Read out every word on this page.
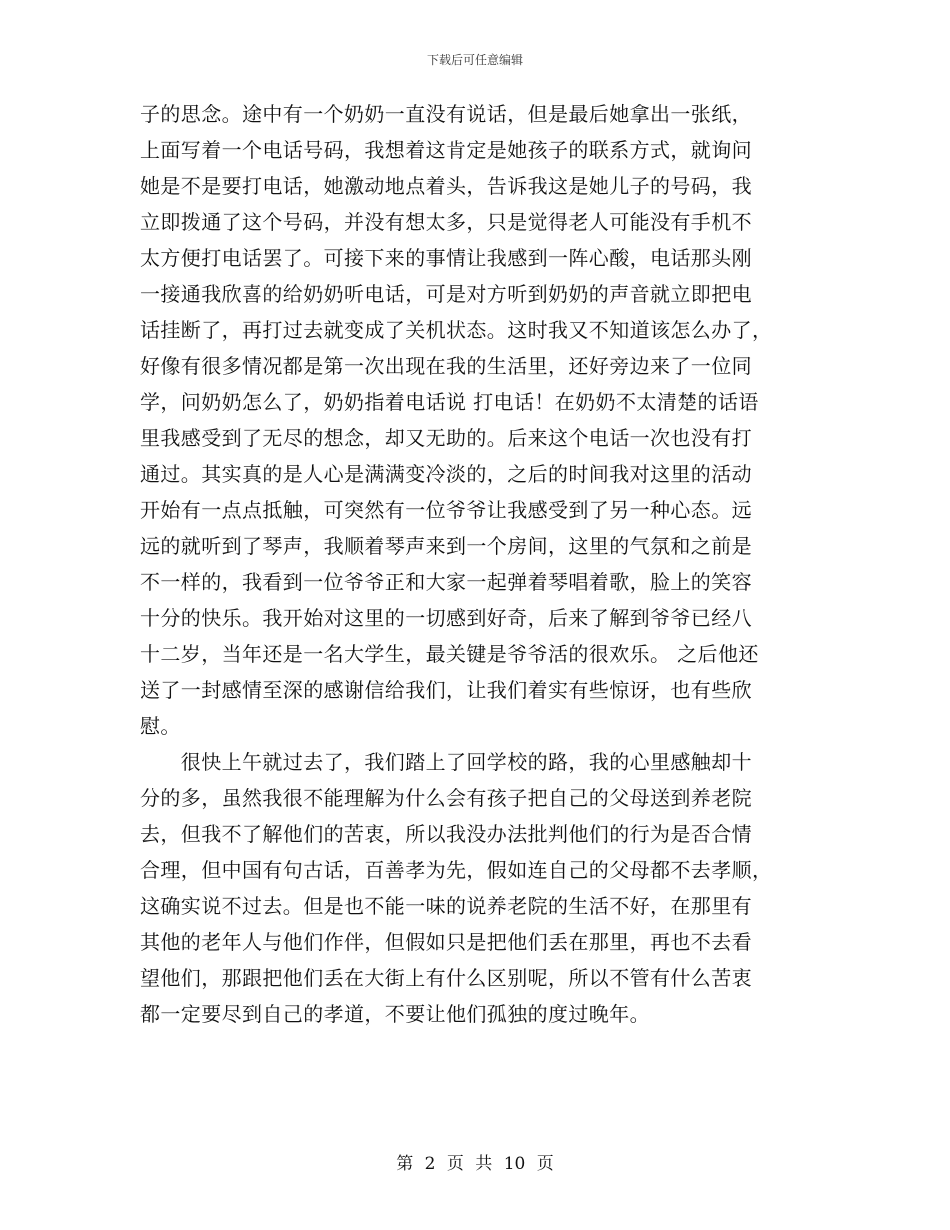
下载后可任意编辑

子的思念。途中有一个奶奶一直没有说话，但是最后她拿出一张纸，

上面写着一个电话号码，我想着这肯定是她孩子的联系方式，就询问

她是不是要打电话，她激动地点着头，告诉我这是她儿子的号码，我

立即拨通了这个号码，并没有想太多，只是觉得老人可能没有手机不

太方便打电话罢了。可接下来的事情让我感到一阵心酸，电话那头刚

一接通我欣喜的给奶奶听电话，可是对方听到奶奶的声音就立即把电

话挂断了，再打过去就变成了关机状态。这时我又不知道该怎么办了，

好像有很多情况都是第一次出现在我的生活里，还好旁边来了一位同

学，问奶奶怎么了，奶奶指着电话说 打电话！在奶奶不太清楚的话语

里我感受到了无尽的想念，却又无助的。后来这个电话一次也没有打

通过。其实真的是人心是满满变冷淡的，之后的时间我对这里的活动

开始有一点点抵触，可突然有一位爷爷让我感受到了另一种心态。远

远的就听到了琴声，我顺着琴声来到一个房间，这里的气氛和之前是

不一样的，我看到一位爷爷正和大家一起弹着琴唱着歌，脸上的笑容

十分的快乐。我开始对这里的一切感到好奇，后来了解到爷爷已经八

十二岁，当年还是一名大学生，最关键是爷爷活的很欢乐。 之后他还

送了一封感情至深的感谢信给我们，让我们着实有些惊讶，也有些欣

慰。

　　很快上午就过去了，我们踏上了回学校的路，我的心里感触却十

分的多，虽然我很不能理解为什么会有孩子把自己的父母送到养老院

去，但我不了解他们的苦衷，所以我没办法批判他们的行为是否合情

合理，但中国有句古话，百善孝为先，假如连自己的父母都不去孝顺，

这确实说不过去。但是也不能一味的说养老院的生活不好，在那里有

其他的老年人与他们作伴，但假如只是把他们丢在那里，再也不去看

望他们，那跟把他们丢在大街上有什么区别呢，所以不管有什么苦衷

都一定要尽到自己的孝道，不要让他们孤独的度过晚年。

第 2 页 共 10 页
